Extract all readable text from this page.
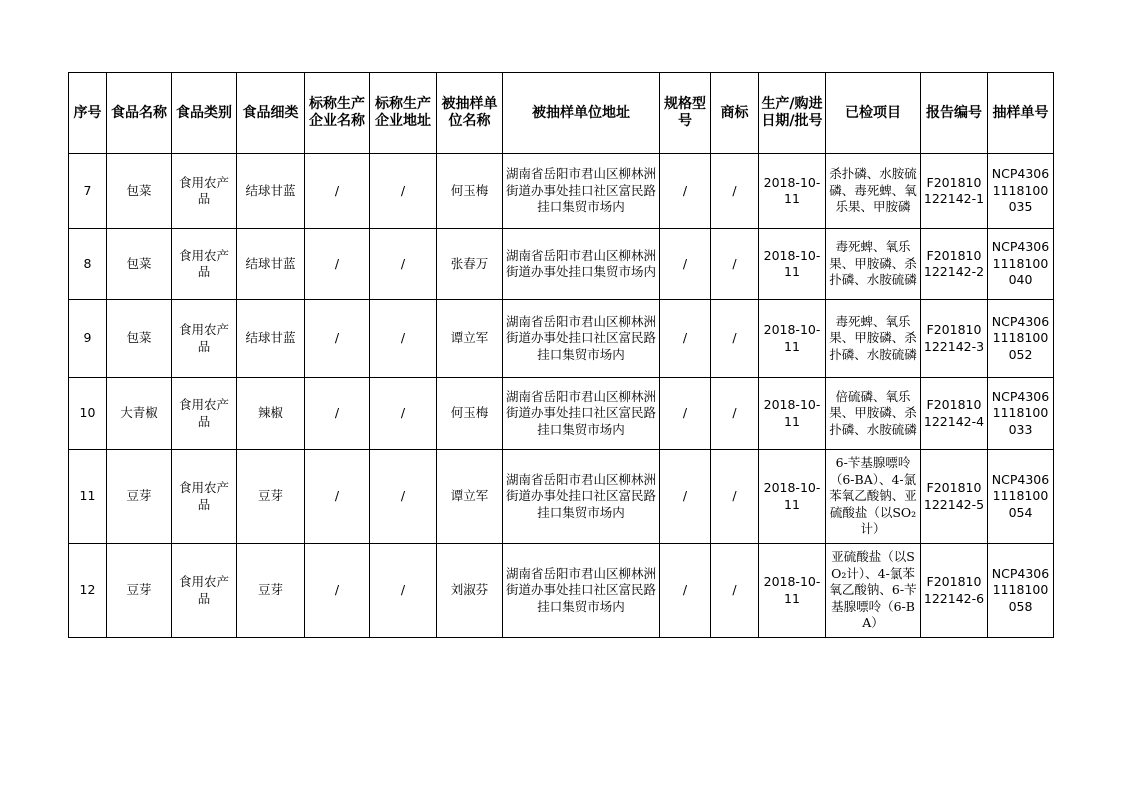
序号	食品名称	食品类别	食品细类	标称生产企业名称	标称生产企业地址	被抽样单位名称	被抽样单位地址	规格型号	商标	生产/购进日期/批号	已检项目	报告编号	抽样单号
7	包菜	食用农产品	结球甘蓝	/	/	何玉梅	湖南省岳阳市君山区柳林洲街道办事处挂口社区富民路挂口集贸市场内	/	/	2018-10-11	杀扑磷、水胺硫磷、毒死蜱、氧乐果、甲胺磷	F201810122142-1	NCP43061118100035
8	包菜	食用农产品	结球甘蓝	/	/	张春万	湖南省岳阳市君山区柳林洲街道办事处挂口集贸市场内	/	/	2018-10-11	毒死蜱、氧乐果、甲胺磷、杀扑磷、水胺硫磷	F201810122142-2	NCP43061118100040
9	包菜	食用农产品	结球甘蓝	/	/	谭立军	湖南省岳阳市君山区柳林洲街道办事处挂口社区富民路挂口集贸市场内	/	/	2018-10-11	毒死蜱、氧乐果、甲胺磷、杀扑磷、水胺硫磷	F201810122142-3	NCP43061118100052
10	大青椒	食用农产品	辣椒	/	/	何玉梅	湖南省岳阳市君山区柳林洲街道办事处挂口社区富民路挂口集贸市场内	/	/	2018-10-11	倍硫磷、氧乐果、甲胺磷、杀扑磷、水胺硫磷	F201810122142-4	NCP43061118100033
11	豆芽	食用农产品	豆芽	/	/	谭立军	湖南省岳阳市君山区柳林洲街道办事处挂口社区富民路挂口集贸市场内	/	/	2018-10-11	6-苄基腺嘌呤（6-BA）、4-氯苯氧乙酸钠、亚硫酸盐（以SO₂计）	F201810122142-5	NCP43061118100054
12	豆芽	食用农产品	豆芽	/	/	刘淑芬	湖南省岳阳市君山区柳林洲街道办事处挂口社区富民路挂口集贸市场内	/	/	2018-10-11	亚硫酸盐（以SO₂计）、4-氯苯氧乙酸钠、6-苄基腺嘌呤（6-BA）	F201810122142-6	NCP43061118100058
